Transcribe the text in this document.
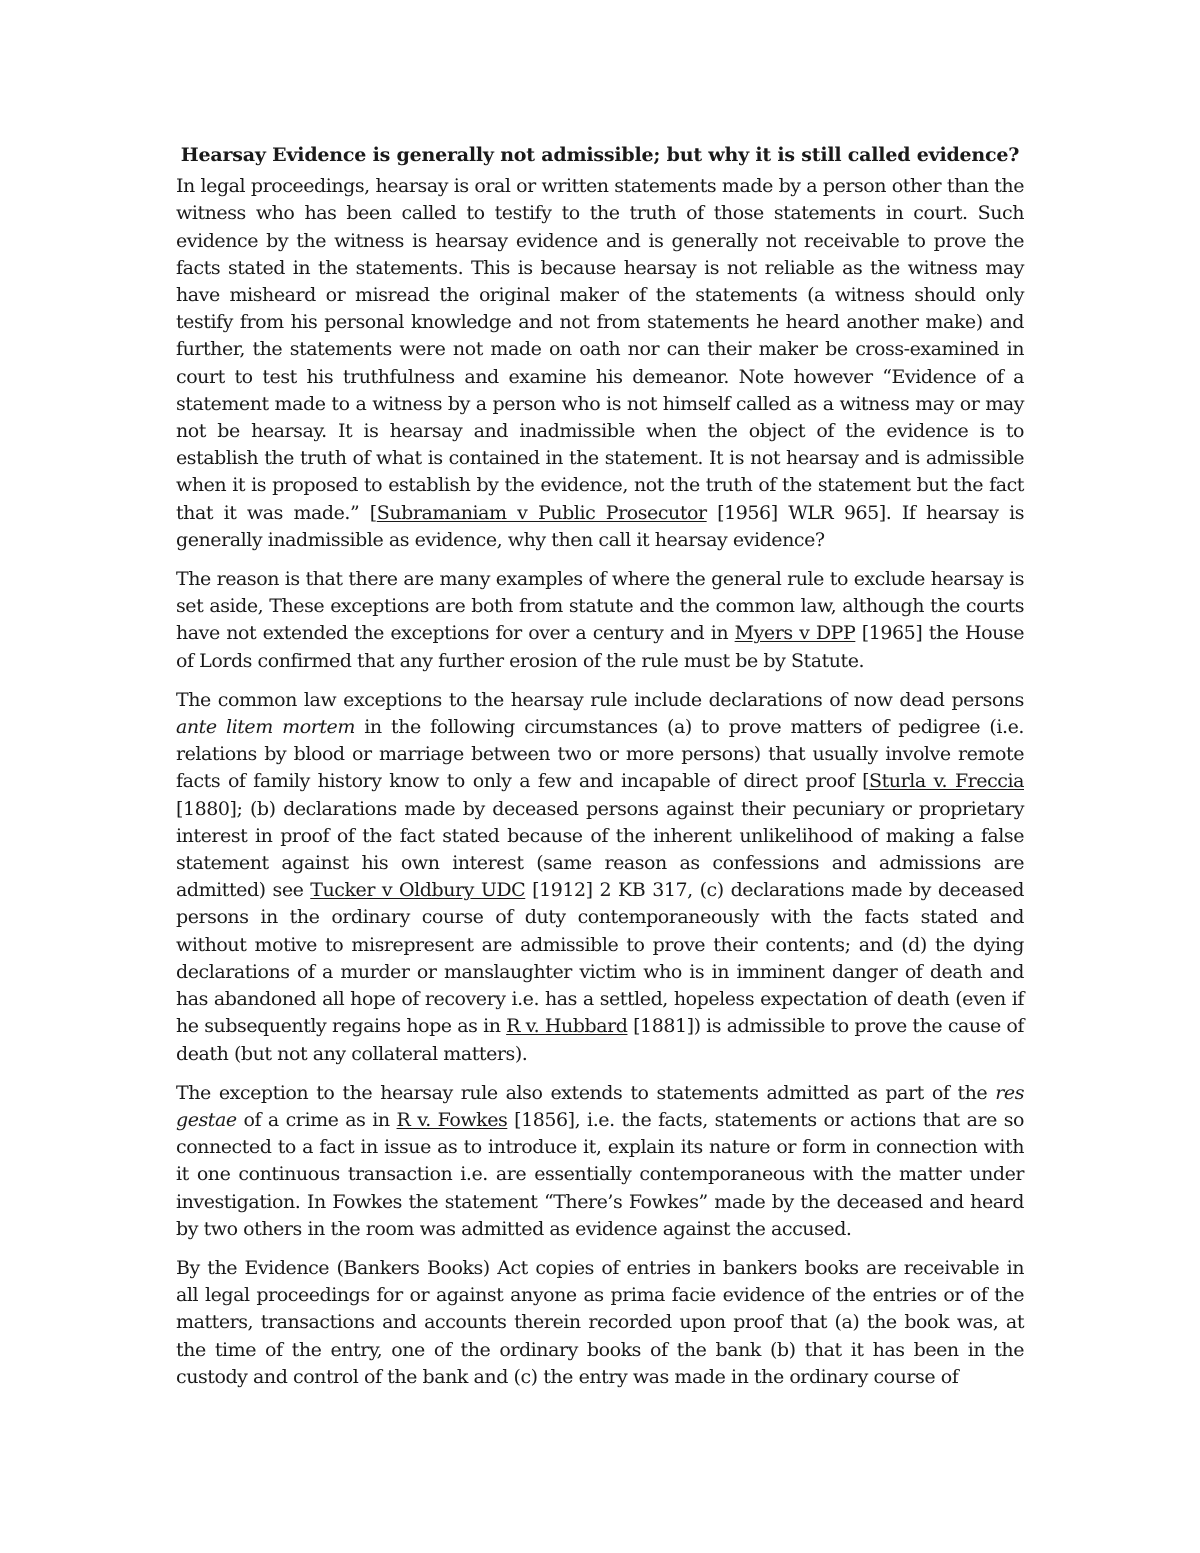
Hearsay Evidence is generally not admissible; but why it is still called evidence?

In legal proceedings, hearsay is oral or written statements made by a person other than the witness who has been called to testify to the truth of those statements in court. Such evidence by the witness is hearsay evidence and is generally not receivable to prove the facts stated in the statements. This is because hearsay is not reliable as the witness may have misheard or misread the original maker of the statements (a witness should only testify from his personal knowledge and not from statements he heard another make) and further, the statements were not made on oath nor can their maker be cross-examined in court to test his truthfulness and examine his demeanor. Note however “Evidence of a statement made to a witness by a person who is not himself called as a witness may or may not be hearsay. It is hearsay and inadmissible when the object of the evidence is to establish the truth of what is contained in the statement. It is not hearsay and is admissible when it is proposed to establish by the evidence, not the truth of the statement but the fact that it was made.” [Subramaniam v Public Prosecutor [1956] WLR 965]. If hearsay is generally inadmissible as evidence, why then call it hearsay evidence?

The reason is that there are many examples of where the general rule to exclude hearsay is set aside, These exceptions are both from statute and the common law, although the courts have not extended the exceptions for over a century and in Myers v DPP [1965] the House of Lords confirmed that any further erosion of the rule must be by Statute.

The common law exceptions to the hearsay rule include declarations of now dead persons ante litem mortem in the following circumstances (a) to prove matters of pedigree (i.e. relations by blood or marriage between two or more persons) that usually involve remote facts of family history know to only a few and incapable of direct proof [Sturla v. Freccia [1880]; (b) declarations made by deceased persons against their pecuniary or proprietary interest in proof of the fact stated because of the inherent unlikelihood of making a false statement against his own interest (same reason as confessions and admissions are admitted) see Tucker v Oldbury UDC [1912] 2 KB 317, (c) declarations made by deceased persons in the ordinary course of duty contemporaneously with the facts stated and without motive to misrepresent are admissible to prove their contents; and (d) the dying declarations of a murder or manslaughter victim who is in imminent danger of death and has abandoned all hope of recovery i.e. has a settled, hopeless expectation of death (even if he subsequently regains hope as in R v. Hubbard [1881]) is admissible to prove the cause of death (but not any collateral matters).

The exception to the hearsay rule also extends to statements admitted as part of the res gestae of a crime as in R v. Fowkes [1856], i.e. the facts, statements or actions that are so connected to a fact in issue as to introduce it, explain its nature or form in connection with it one continuous transaction i.e. are essentially contemporaneous with the matter under investigation. In Fowkes the statement “There’s Fowkes” made by the deceased and heard by two others in the room was admitted as evidence against the accused.

By the Evidence (Bankers Books) Act copies of entries in bankers books are receivable in all legal proceedings for or against anyone as prima facie evidence of the entries or of the matters, transactions and accounts therein recorded upon proof that (a) the book was, at the time of the entry, one of the ordinary books of the bank (b) that it has been in the custody and control of the bank and (c) the entry was made in the ordinary course of
